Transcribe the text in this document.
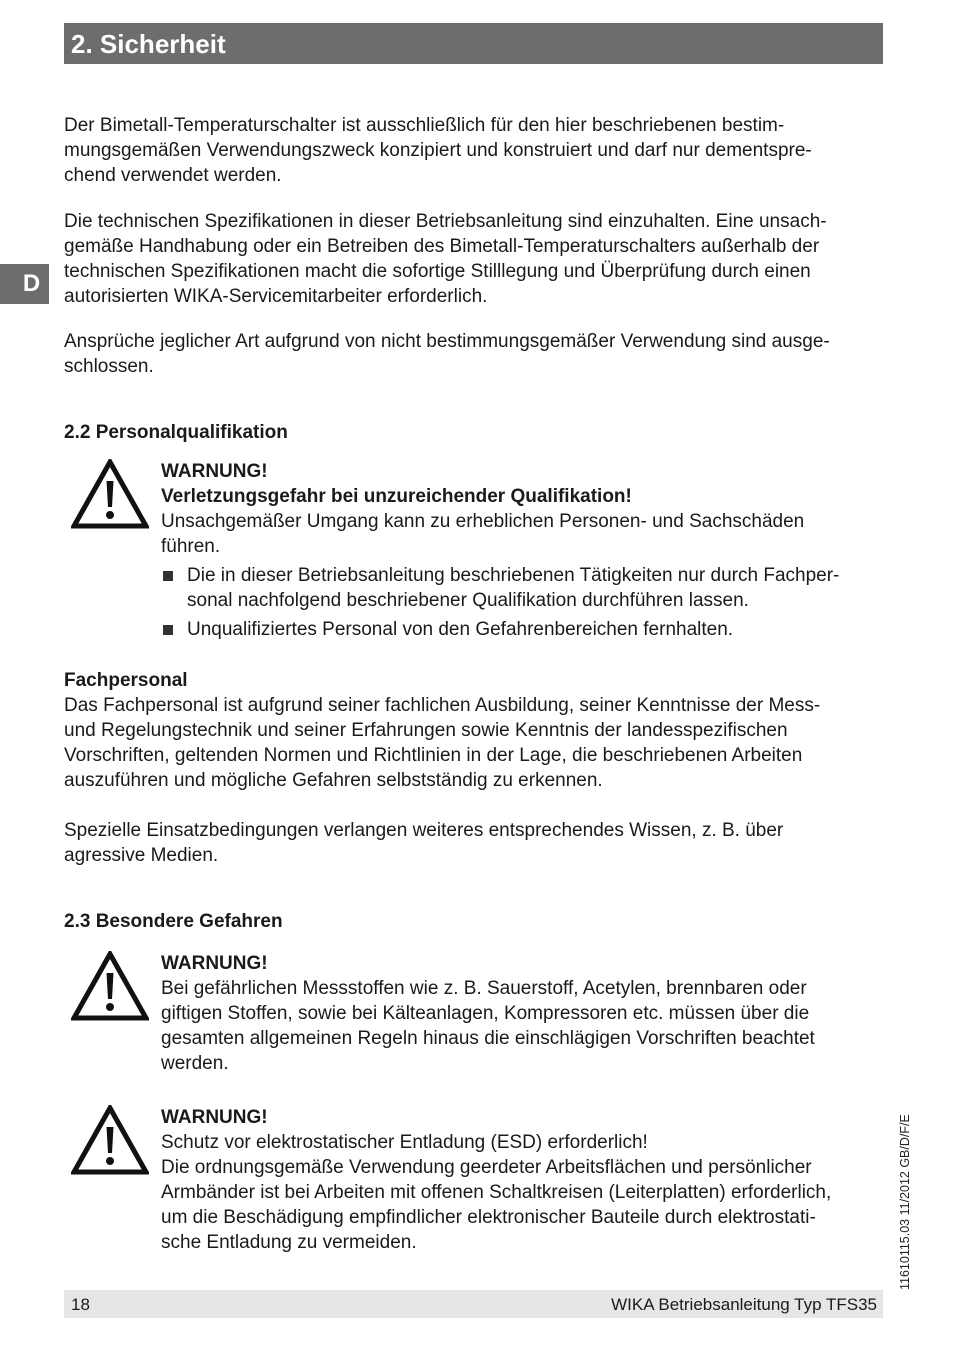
2. Sicherheit
D

Der Bimetall-Temperaturschalter ist ausschließlich für den hier beschriebenen bestim-
mungsgemäßen Verwendungszweck konzipiert und konstruiert und darf nur dementspre-
chend verwendet werden.

Die technischen Spezifikationen in dieser Betriebsanleitung sind einzuhalten. Eine unsach-
gemäße Handhabung oder ein Betreiben des Bimetall-Temperaturschalters außerhalb der
technischen Spezifikationen macht die sofortige Stilllegung und Überprüfung durch einen
autorisierten WIKA-Servicemitarbeiter erforderlich.

Ansprüche jeglicher Art aufgrund von nicht bestimmungsgemäßer Verwendung sind ausge-
schlossen.

2.2 Personalqualifikation
WARNUNG!
Verletzungsgefahr bei unzureichender Qualifikation!
Unsachgemäßer Umgang kann zu erheblichen Personen- und Sachschäden
führen.
Die in dieser Betriebsanleitung beschriebenen Tätigkeiten nur durch Fachper-
sonal nachfolgend beschriebener Qualifikation durchführen lassen.
Unqualifiziertes Personal von den Gefahrenbereichen fernhalten.

Fachpersonal
Das Fachpersonal ist aufgrund seiner fachlichen Ausbildung, seiner Kenntnisse der Mess-
und Regelungstechnik und seiner Erfahrungen sowie Kenntnis der landesspezifischen
Vorschriften, geltenden Normen und Richtlinien in der Lage, die beschriebenen Arbeiten
auszuführen und mögliche Gefahren selbstständig zu erkennen.

Spezielle Einsatzbedingungen verlangen weiteres entsprechendes Wissen, z. B. über
agressive Medien.

2.3 Besondere Gefahren
WARNUNG!
Bei gefährlichen Messstoffen wie z. B. Sauerstoff, Acetylen, brennbaren oder
giftigen Stoffen, sowie bei Kälteanlagen, Kompressoren etc. müssen über die
gesamten allgemeinen Regeln hinaus die einschlägigen Vorschriften beachtet
werden.
WARNUNG!
Schutz vor elektrostatischer Entladung (ESD) erforderlich!
Die ordnungsgemäße Verwendung geerdeter Arbeitsflächen und persönlicher
Armbänder ist bei Arbeiten mit offenen Schaltkreisen (Leiterplatten) erforderlich,
um die Beschädigung empfindlicher elektronischer Bauteile durch elektrostati-
sche Entladung zu vermeiden.	11610115.03 11/2012 GB/D/F/E
18	WIKA Betriebsanleitung Typ TFS35
